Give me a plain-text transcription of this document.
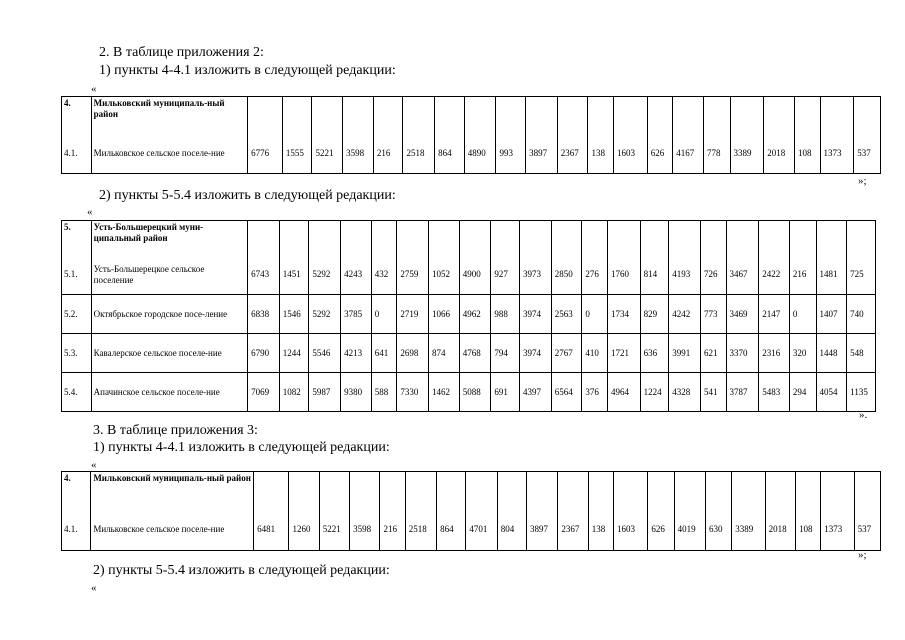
2. В таблице приложения 2:
1) пункты 4-4.1 изложить в следующей редакции:
«
4.	Мильковский муниципаль-ный район																					
4.1.	Мильковское сельское поселе-ние	6776	1555	5221	3598	216	2518	864	4890	993	3897	2367	138	1603	626	4167	778	3389	2018	108	1373	537
»;
2) пункты 5-5.4 изложить в следующей редакции:
«
5.	Усть-Большерецкий муни-ципальный район																					
5.1.	Усть-Большерецкое сельское поселение	6743	1451	5292	4243	432	2759	1052	4900	927	3973	2850	276	1760	814	4193	726	3467	2422	216	1481	725
5.2.	Октябрьское городское посе-ление	6838	1546	5292	3785	0	2719	1066	4962	988	3974	2563	0	1734	829	4242	773	3469	2147	0	1407	740
5.3.	Кавалерское сельское поселе-ние	6790	1244	5546	4213	641	2698	874	4768	794	3974	2767	410	1721	636	3991	621	3370	2316	320	1448	548
5.4.	Апачинское сельское поселе-ние	7069	1082	5987	9380	588	7330	1462	5088	691	4397	6564	376	4964	1224	4328	541	3787	5483	294	4054	1135
».
3. В таблице приложения 3:
1) пункты 4-4.1 изложить в следующей редакции:
«
4.	Мильковский муниципаль-ный район																					
4.1.	Мильковское сельское поселе-ние	6481	1260	5221	3598	216	2518	864	4701	804	3897	2367	138	1603	626	4019	630	3389	2018	108	1373	537
»;
2) пункты 5-5.4 изложить в следующей редакции:
«
